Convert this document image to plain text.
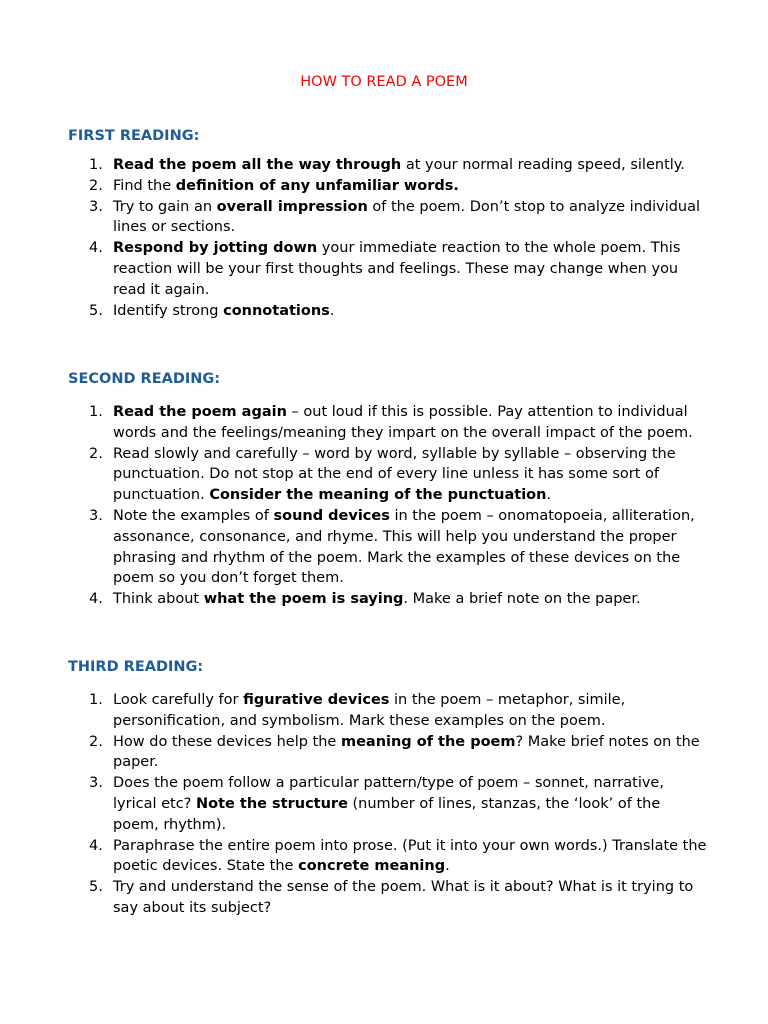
HOW TO READ A POEM
FIRST READING:
1. Read the poem all the way through at your normal reading speed, silently.
2. Find the definition of any unfamiliar words.
3. Try to gain an overall impression of the poem. Don’t stop to analyze individual lines or sections.
4. Respond by jotting down your immediate reaction to the whole poem. This reaction will be your first thoughts and feelings. These may change when you read it again.
5. Identify strong connotations.
SECOND READING:
1. Read the poem again – out loud if this is possible. Pay attention to individual words and the feelings/meaning they impart on the overall impact of the poem.
2. Read slowly and carefully – word by word, syllable by syllable – observing the punctuation. Do not stop at the end of every line unless it has some sort of punctuation. Consider the meaning of the punctuation.
3. Note the examples of sound devices in the poem – onomatopoeia, alliteration, assonance, consonance, and rhyme. This will help you understand the proper phrasing and rhythm of the poem. Mark the examples of these devices on the poem so you don’t forget them.
4. Think about what the poem is saying. Make a brief note on the paper.
THIRD READING:
1. Look carefully for figurative devices in the poem – metaphor, simile, personification, and symbolism. Mark these examples on the poem.
2. How do these devices help the meaning of the poem? Make brief notes on the paper.
3. Does the poem follow a particular pattern/type of poem – sonnet, narrative, lyrical etc? Note the structure (number of lines, stanzas, the ‘look’ of the poem, rhythm).
4. Paraphrase the entire poem into prose. (Put it into your own words.) Translate the poetic devices. State the concrete meaning.
5. Try and understand the sense of the poem. What is it about? What is it trying to say about its subject?
